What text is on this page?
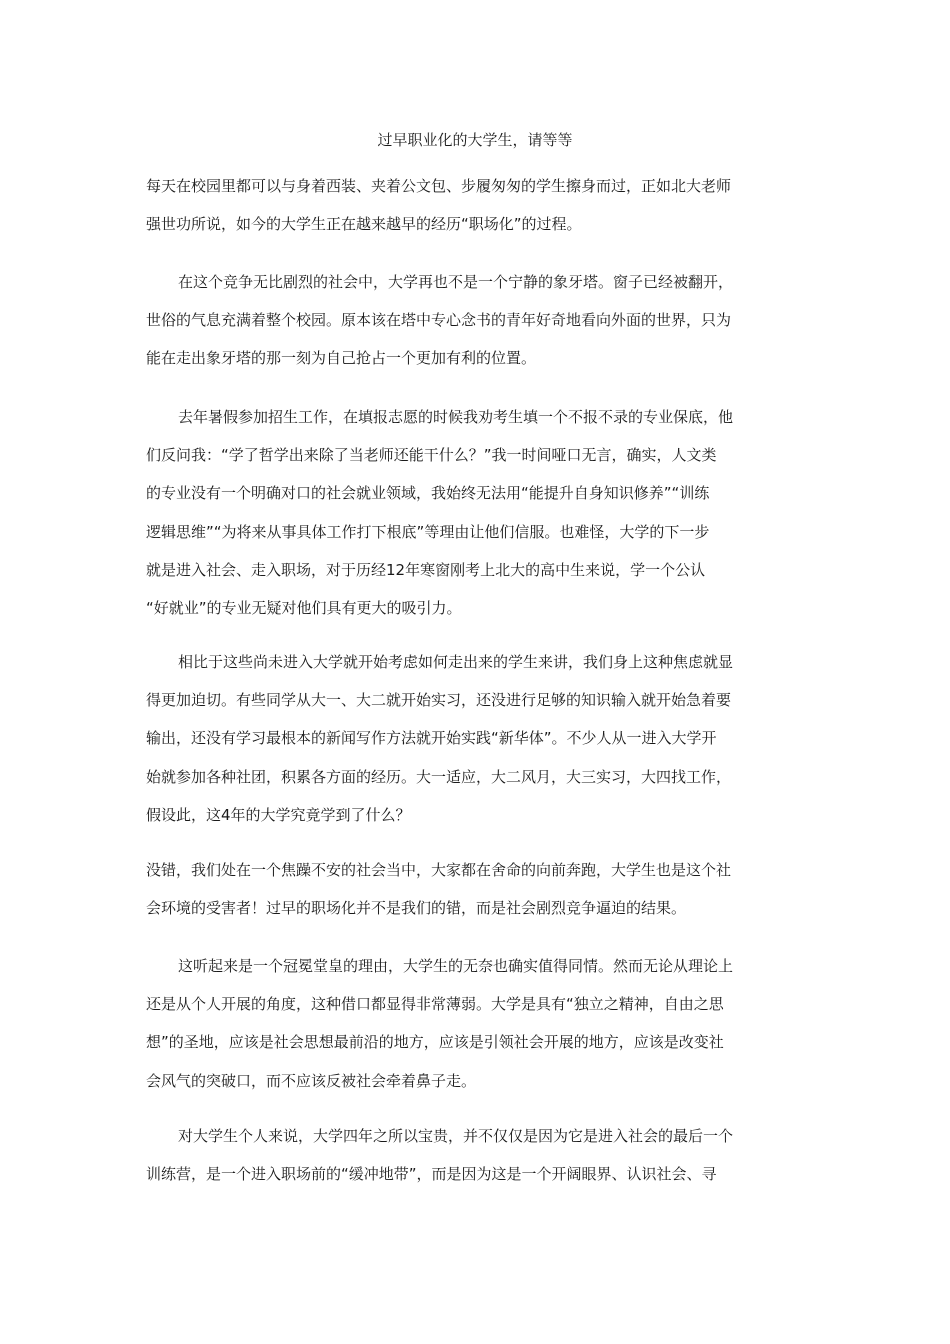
过早职业化的大学生，请等等
每天在校园里都可以与身着西装、夹着公文包、步履匆匆的学生擦身而过，正如北大老师
强世功所说，如今的大学生正在越来越早的经历“职场化”的过程。
在这个竞争无比剧烈的社会中，大学再也不是一个宁静的象牙塔。窗子已经被翻开，
世俗的气息充满着整个校园。原本该在塔中专心念书的青年好奇地看向外面的世界，只为
能在走出象牙塔的那一刻为自己抢占一个更加有利的位置。
去年暑假参加招生工作，在填报志愿的时候我劝考生填一个不报不录的专业保底，他
们反问我：“学了哲学出来除了当老师还能干什么？”我一时间哑口无言，确实，人文类
的专业没有一个明确对口的社会就业领域，我始终无法用“能提升自身知识修养”“训练
逻辑思维”“为将来从事具体工作打下根底”等理由让他们信服。也难怪，大学的下一步
就是进入社会、走入职场，对于历经12年寒窗刚考上北大的高中生来说，学一个公认
“好就业”的专业无疑对他们具有更大的吸引力。
相比于这些尚未进入大学就开始考虑如何走出来的学生来讲，我们身上这种焦虑就显
得更加迫切。有些同学从大一、大二就开始实习，还没进行足够的知识输入就开始急着要
输出，还没有学习最根本的新闻写作方法就开始实践“新华体”。不少人从一进入大学开
始就参加各种社团，积累各方面的经历。大一适应，大二风月，大三实习，大四找工作，
假设此，这4年的大学究竟学到了什么？
没错，我们处在一个焦躁不安的社会当中，大家都在舍命的向前奔跑，大学生也是这个社
会环境的受害者！过早的职场化并不是我们的错，而是社会剧烈竞争逼迫的结果。
这听起来是一个冠冕堂皇的理由，大学生的无奈也确实值得同情。然而无论从理论上
还是从个人开展的角度，这种借口都显得非常薄弱。大学是具有“独立之精神，自由之思
想”的圣地，应该是社会思想最前沿的地方，应该是引领社会开展的地方，应该是改变社
会风气的突破口，而不应该反被社会牵着鼻子走。
对大学生个人来说，大学四年之所以宝贵，并不仅仅是因为它是进入社会的最后一个
训练营，是一个进入职场前的“缓冲地带”，而是因为这是一个开阔眼界、认识社会、寻
